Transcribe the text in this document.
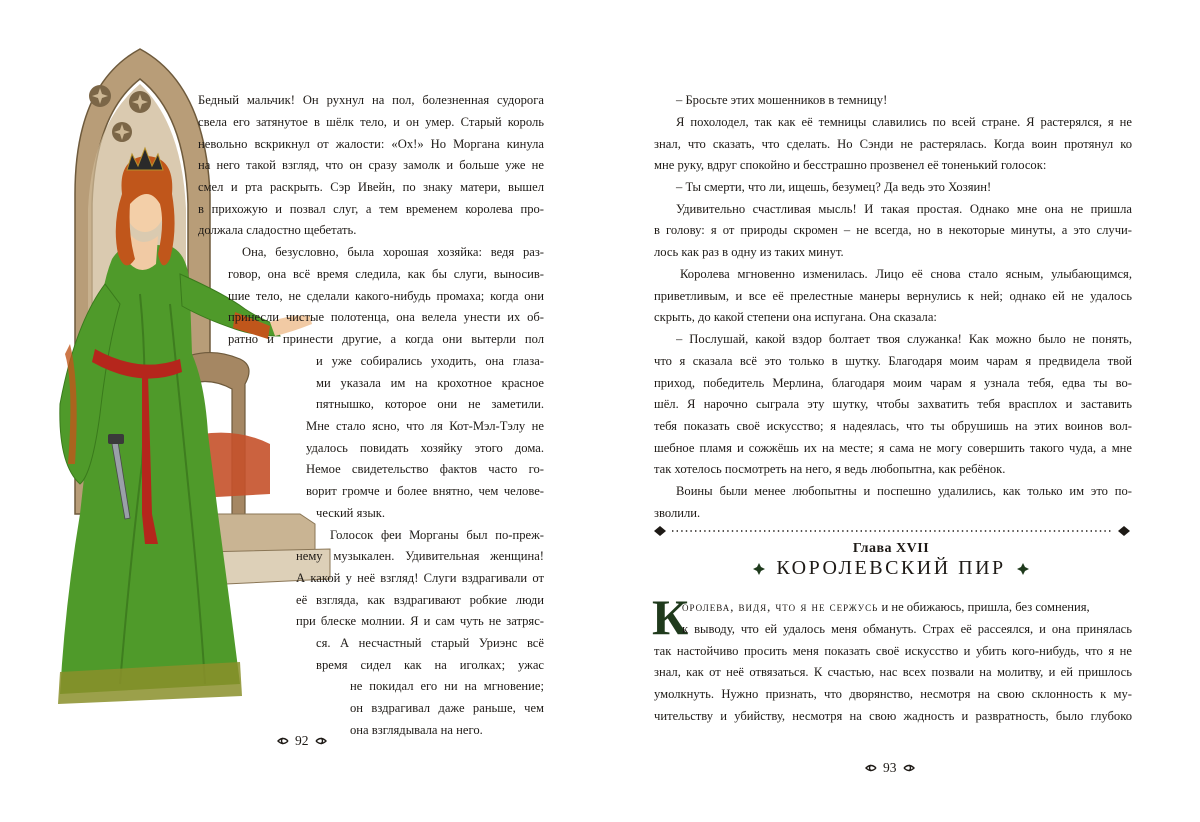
Бедный мальчик! Он рухнул на пол, болезненная судорога
свела его затянутое в шёлк тело, и он умер. Старый король
невольно вскрикнул от жалости: «Ох!» Но Моргана кинула
на него такой взгляд, что он сразу замолк и больше уже не
смел и рта раскрыть. Сэр Ивейн, по знаку матери, вышел
в прихожую и позвал слуг, а тем временем королева про-
должала сладостно щебетать.
Она, безусловно, была хорошая хозяйка: ведя раз-
говор, она всё время следила, как бы слуги, выносив-
шие тело, не сделали какого-нибудь промаха; когда они
принесли чистые полотенца, она велела унести их об-
ратно и принести другие, а когда они вытерли пол
и уже собирались уходить, она глаза-
ми указала им на крохотное красное
пятнышко, которое они не заметили.
Мне стало ясно, что ля Кот-Мэл-Тэлу не
удалось повидать хозяйку этого дома.
Немое свидетельство фактов часто го-
ворит громче и более внятно, чем челове-
ческий язык.
Голосок феи Морганы был по-преж-
нему музыкален. Удивительная женщина!
А какой у неё взгляд! Слуги вздрагивали от
её взгляда, как вздрагивают робкие люди
при блеске молнии. Я и сам чуть не затряс-
ся. А несчастный старый Уриэнс всё
время сидел как на иголках; ужас
не покидал его ни на мгновение;
он вздрагивал даже раньше, чем
она взглядывала на него.
92
– Бросьте этих мошенников в темницу!
Я похолодел, так как её темницы славились по всей стране. Я растерялся, я не
знал, что сказать, что сделать. Но Сэнди не растерялась. Когда воин протянул ко
мне руку, вдруг спокойно и бесстрашно прозвенел её тоненький голосок:
– Ты смерти, что ли, ищешь, безумец? Да ведь это Хозяин!
Удивительно счастливая мысль! И такая простая. Однако мне она не пришла
в голову: я от природы скромен – не всегда, но в некоторые минуты, а это случи-
лось как раз в одну из таких минут.
Королева мгновенно изменилась. Лицо её снова стало ясным, улыбающимся,
приветливым, и все её прелестные манеры вернулись к ней; однако ей не удалось
скрыть, до какой степени она испугана. Она сказала:
– Послушай, какой вздор болтает твоя служанка! Как можно было не понять,
что я сказала всё это только в шутку. Благодаря моим чарам я предвидела твой
приход, победитель Мерлина, благодаря моим чарам я узнала тебя, едва ты во-
шёл. Я нарочно сыграла эту шутку, чтобы захватить тебя врасплох и заставить
тебя показать своё искусство; я надеялась, что ты обрушишь на этих воинов вол-
шебное пламя и сожжёшь их на месте; я сама не могу совершить такого чуда, а мне
так хотелось посмотреть на него, я ведь любопытна, как ребёнок.
Воины были менее любопытны и поспешно удалились, как только им это по-
зволили.
Глава XVII
КОРОЛЕВСКИЙ ПИР
К
оролева, видя, что я не сержусь и не обижаюсь, пришла, без сомнения,
к выводу, что ей удалось меня обмануть. Страх её рассеялся, и она принялась
так настойчиво просить меня показать своё искусство и убить кого-нибудь, что я не
знал, как от неё отвязаться. К счастью, нас всех позвали на молитву, и ей пришлось
умолкнуть. Нужно признать, что дворянство, несмотря на свою склонность к му-
чительству и убийству, несмотря на свою жадность и развратность, было глубоко
93
